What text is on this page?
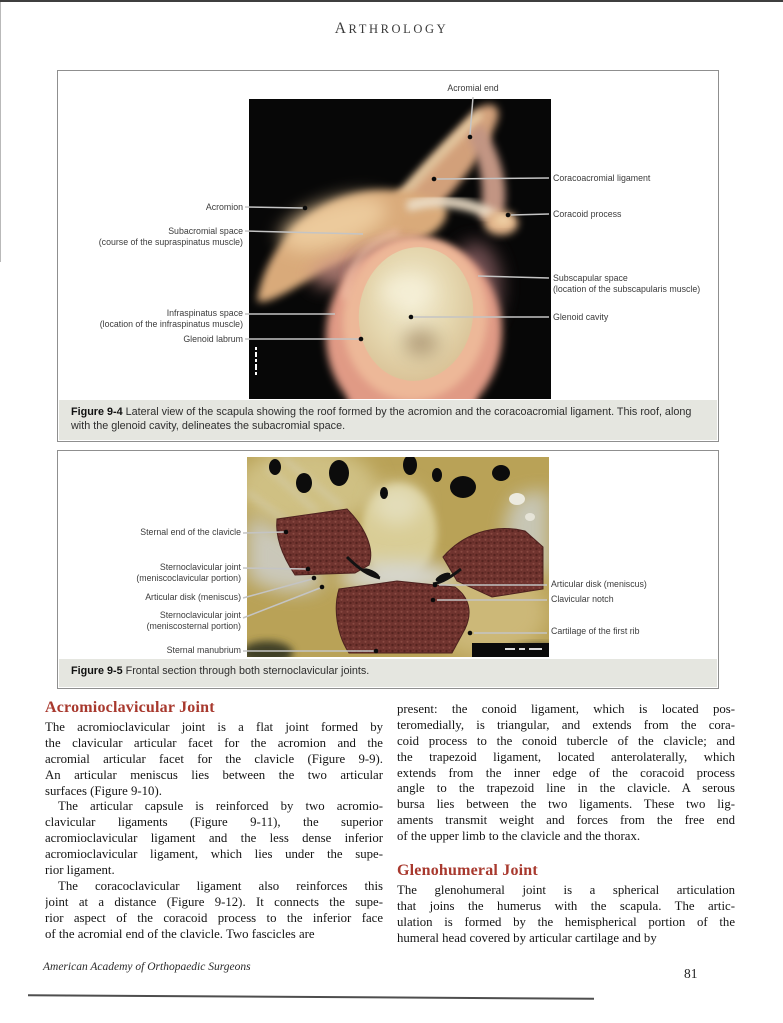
ARTHROLOGY
Acromial end
Acromion
Subacromial space
(course of the supraspinatus muscle)
Infraspinatus space
(location of the infraspinatus muscle)
Glenoid labrum
Coracoacromial ligament
Coracoid process
Subscapular space
(location of the subscapularis muscle)
Glenoid cavity
Figure 9-4 Lateral view of the scapula showing the roof formed by the acromion and the coracoacromial ligament. This roof, along with the glenoid cavity, delineates the subacromial space.
Sternal end of the clavicle
Sternoclavicular joint
(meniscoclavicular portion)
Articular disk (meniscus)
Sternoclavicular joint
(meniscosternal portion)
Sternal manubrium
Articular disk (meniscus)
Clavicular notch
Cartilage of the first rib
Figure 9-5 Frontal section through both sternoclavicular joints.
Acromioclavicular Joint
The acromioclavicular joint is a flat joint formed by
the clavicular articular facet for the acromion and the
acromial articular facet for the clavicle (Figure 9-9).
An articular meniscus lies between the two articular
surfaces (Figure 9-10).
The articular capsule is reinforced by two acromio-
clavicular ligaments (Figure 9-11), the superior
acromioclavicular ligament and the less dense inferior
acromioclavicular ligament, which lies under the supe-
rior ligament.
The coracoclavicular ligament also reinforces this
joint at a distance (Figure 9-12). It connects the supe-
rior aspect of the coracoid process to the inferior face
of the acromial end of the clavicle. Two fascicles are
present: the conoid ligament, which is located pos-
teromedially, is triangular, and extends from the cora-
coid process to the conoid tubercle of the clavicle; and
the trapezoid ligament, located anterolaterally, which
extends from the inner edge of the coracoid process
angle to the trapezoid line in the clavicle. A serous
bursa lies between the two ligaments. These two lig-
aments transmit weight and forces from the free end
of the upper limb to the clavicle and the thorax.
Glenohumeral Joint
The glenohumeral joint is a spherical articulation
that joins the humerus with the scapula. The artic-
ulation is formed by the hemispherical portion of the
humeral head covered by articular cartilage and by
American Academy of Orthopaedic Surgeons	81
